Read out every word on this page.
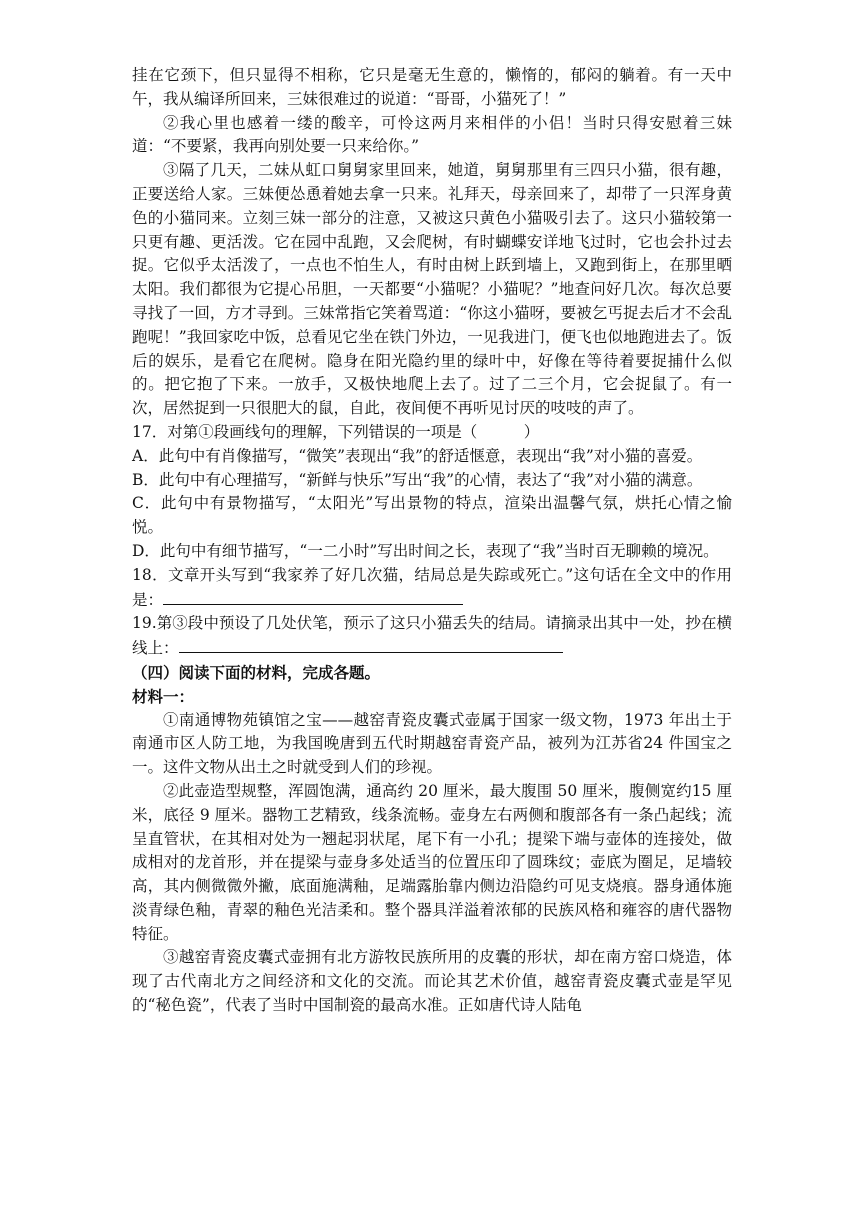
挂在它颈下，但只显得不相称，它只是毫无生意的，懒惰的，郁闷的躺着。有一天中午，我从编译所回来，三妹很难过的说道：“哥哥，小猫死了！”

②我心里也感着一缕的酸辛，可怜这两月来相伴的小侣！当时只得安慰着三妹道：“不要紧，我再向别处要一只来给你。”

③隔了几天，二妹从虹口舅舅家里回来，她道，舅舅那里有三四只小猫，很有趣，正要送给人家。三妹便怂恿着她去拿一只来。礼拜天，母亲回来了，却带了一只浑身黄色的小猫同来。立刻三妹一部分的注意，又被这只黄色小猫吸引去了。这只小猫较第一只更有趣、更活泼。它在园中乱跑，又会爬树，有时蝴蝶安详地飞过时，它也会扑过去捉。它似乎太活泼了，一点也不怕生人，有时由树上跃到墙上，又跑到街上，在那里晒太阳。我们都很为它提心吊胆，一天都要“小猫呢？小猫呢？”地查问好几次。每次总要寻找了一回，方才寻到。三妹常指它笑着骂道：“你这小猫呀，要被乞丐捉去后才不会乱跑呢！”我回家吃中饭，总看见它坐在铁门外边，一见我进门，便飞也似地跑进去了。饭后的娱乐，是看它在爬树。隐身在阳光隐约里的绿叶中，好像在等待着要捉捕什么似的。把它抱了下来。一放手，又极快地爬上去了。过了二三个月，它会捉鼠了。有一次，居然捉到一只很肥大的鼠，自此，夜间便不再听见讨厌的吱吱的声了。

17．对第①段画线句的理解，下列错误的一项是（　　　）

A．此句中有肖像描写，“微笑”表现出“我”的舒适惬意，表现出“我”对小猫的喜爱。

B．此句中有心理描写，“新鲜与快乐”写出“我”的心情，表达了“我”对小猫的满意。

C．此句中有景物描写，“太阳光”写出景物的特点，渲染出温馨气氛，烘托心情之愉悦。

D．此句中有细节描写，“一二小时”写出时间之长，表现了“我”当时百无聊赖的境况。

18．文章开头写到“我家养了好几次猫，结局总是失踪或死亡。”这句话在全文中的作用是：

19.第③段中预设了几处伏笔，预示了这只小猫丢失的结局。请摘录出其中一处，抄在横线上：

（四）阅读下面的材料，完成各题。

材料一：

①南通博物苑镇馆之宝——越窑青瓷皮囊式壶属于国家一级文物，1973 年出土于南通市区人防工地，为我国晚唐到五代时期越窑青瓷产品，被列为江苏省24 件国宝之一。这件文物从出土之时就受到人们的珍视。

②此壶造型规整，浑圆饱满，通高约 20 厘米，最大腹围 50 厘米，腹侧宽约15 厘米，底径 9 厘米。器物工艺精致，线条流畅。壶身左右两侧和腹部各有一条凸起线；流呈直管状，在其相对处为一翘起羽状尾，尾下有一小孔；提梁下端与壶体的连接处，做成相对的龙首形，并在提梁与壶身多处适当的位置压印了圆珠纹；壶底为圈足，足墙较高，其内侧微微外撇，底面施满釉，足端露胎靠内侧边沿隐约可见支烧痕。器身通体施淡青绿色釉，青翠的釉色光洁柔和。整个器具洋溢着浓郁的民族风格和雍容的唐代器物特征。

③越窑青瓷皮囊式壶拥有北方游牧民族所用的皮囊的形状，却在南方窑口烧造，体现了古代南北方之间经济和文化的交流。而论其艺术价值，越窑青瓷皮囊式壶是罕见的“秘色瓷”，代表了当时中国制瓷的最高水准。正如唐代诗人陆龟
